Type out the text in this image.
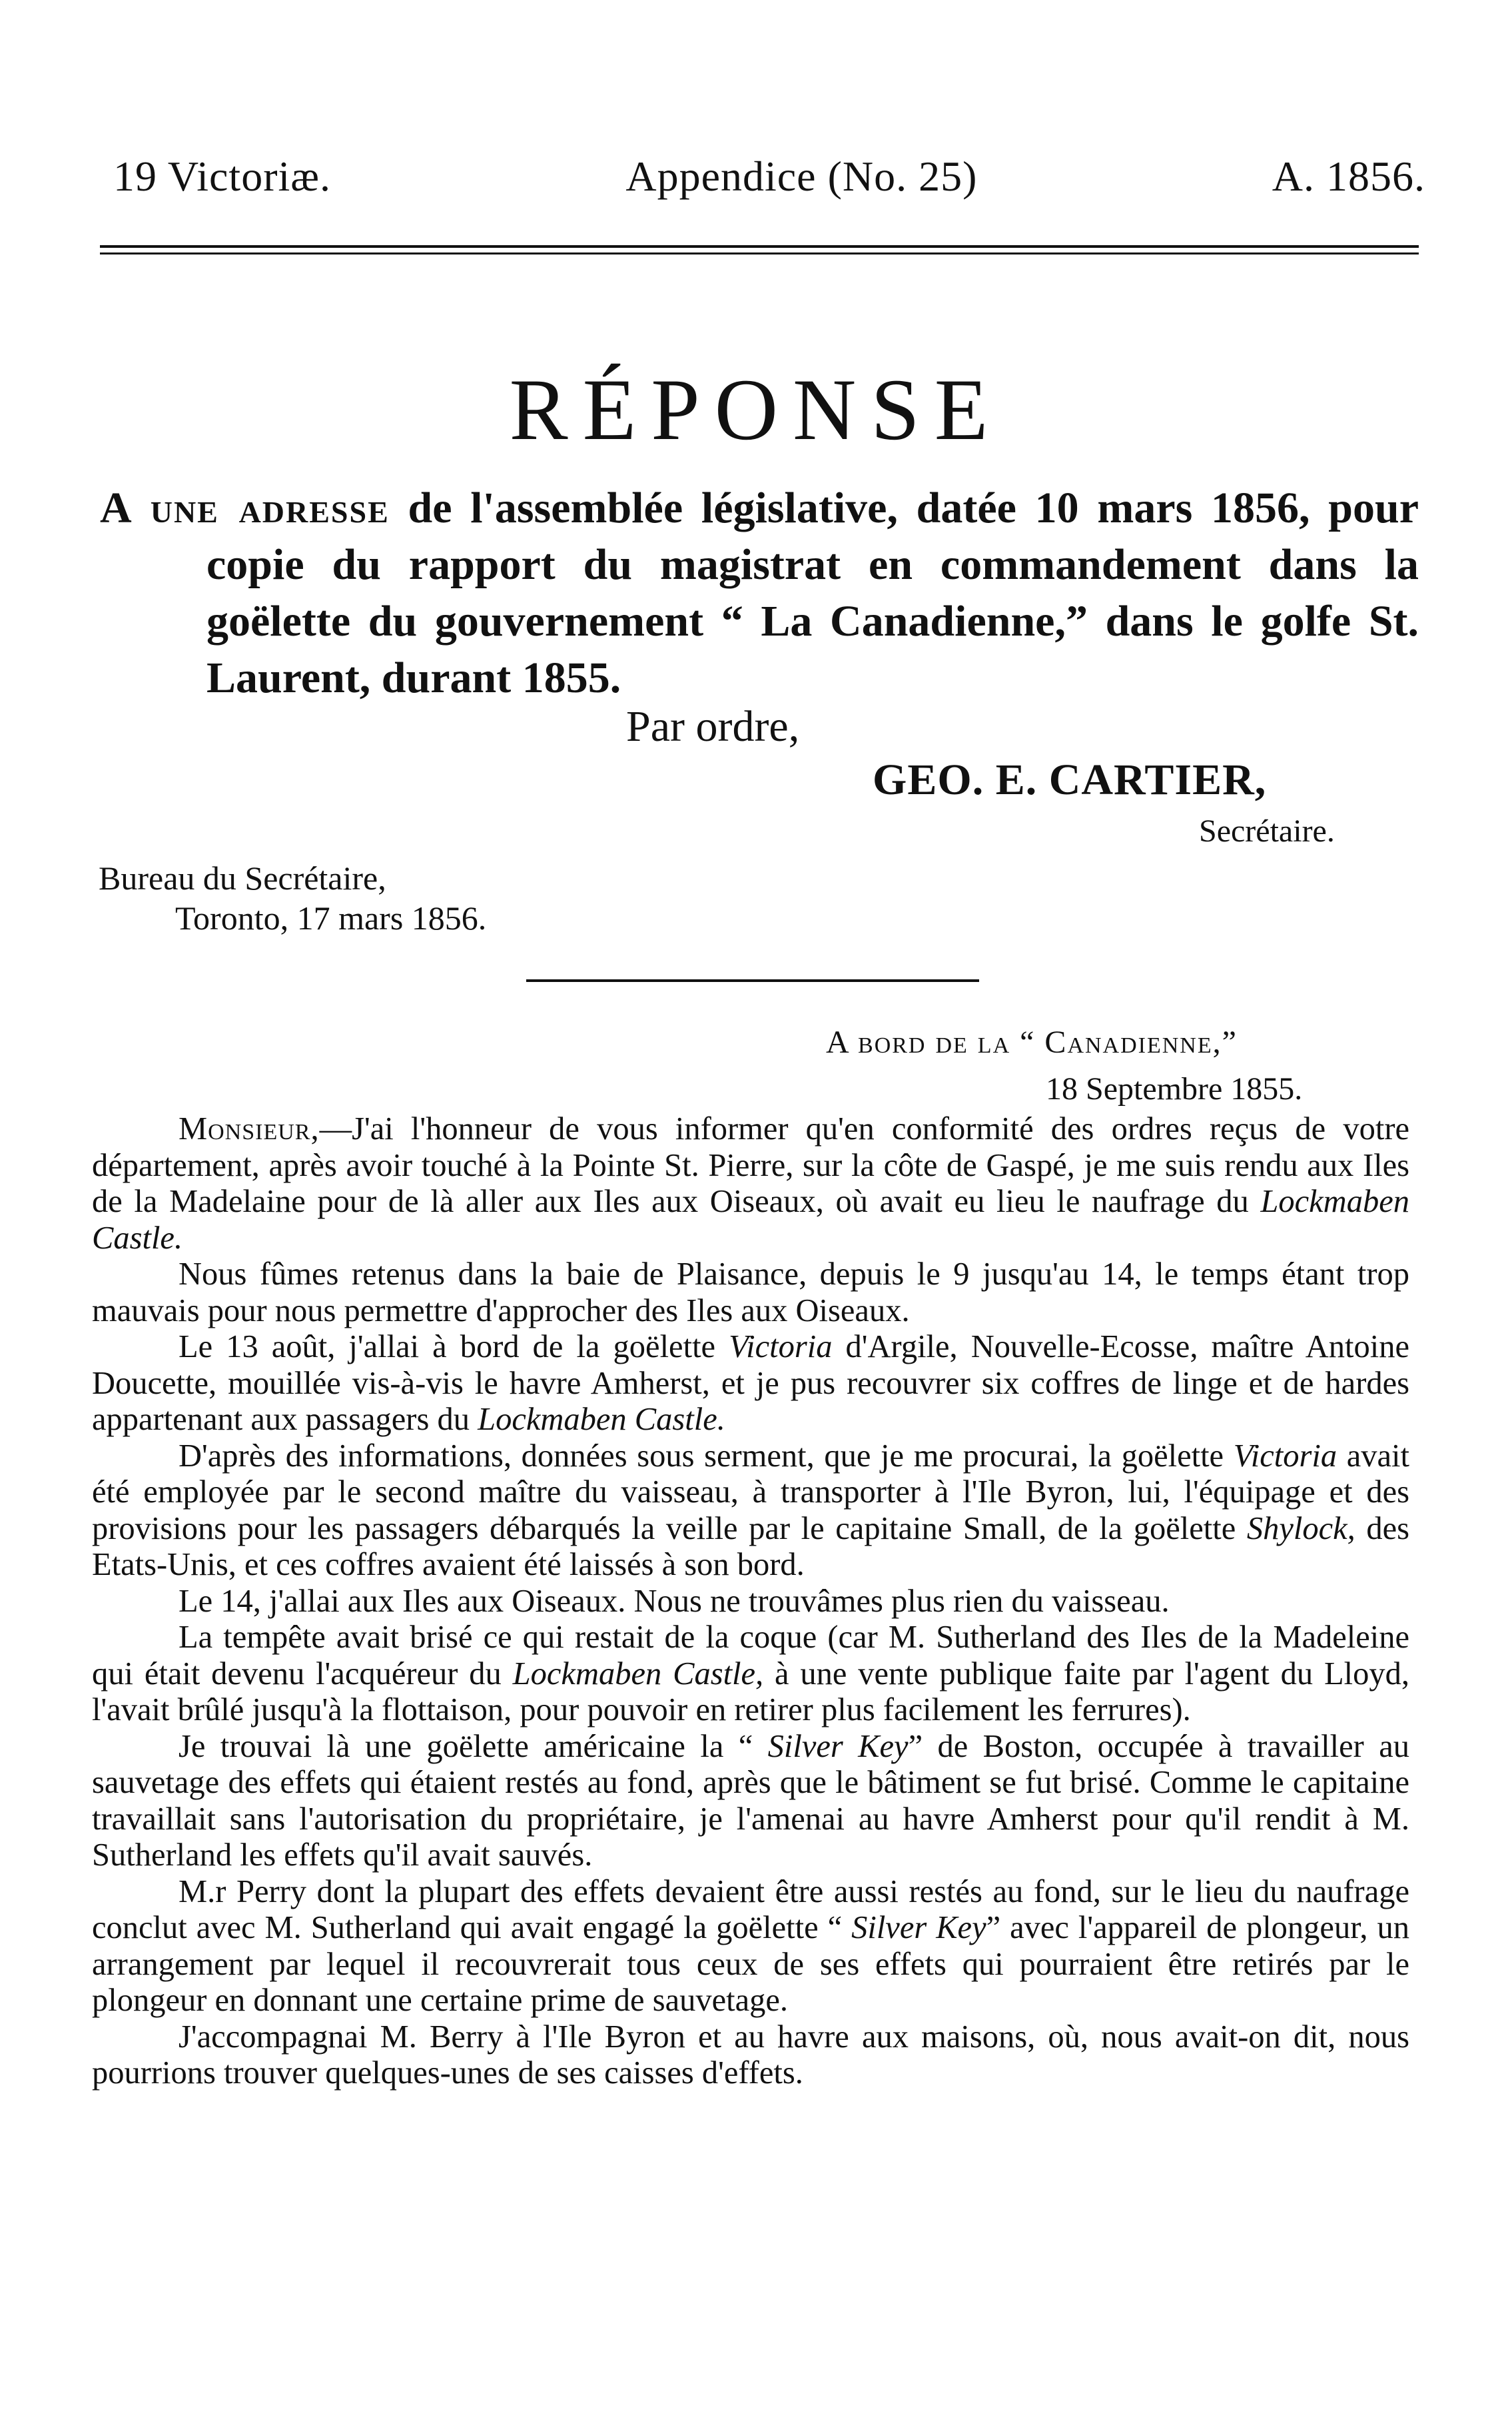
19 Victoriæ.	Appendice (No. 25)	A. 1856.
RÉPONSE
A une adresse de l'assemblée législative, datée 10 mars 1856, pour copie du rapport du magistrat en commandement dans la goëlette du gouvernement “ La Canadienne,” dans le golfe St. Laurent, durant 1855.
Par ordre,
GEO. E. CARTIER,
Secrétaire.
Bureau du Secrétaire,
Toronto, 17 mars 1856.
A bord de la “ Canadienne,”
18 Septembre 1855.

Monsieur,—J'ai l'honneur de vous informer qu'en conformité des ordres reçus de votre département, après avoir touché à la Pointe St. Pierre, sur la côte de Gaspé, je me suis rendu aux Iles de la Madelaine pour de là aller aux Iles aux Oiseaux, où avait eu lieu le naufrage du Lockmaben Castle.

Nous fûmes retenus dans la baie de Plaisance, depuis le 9 jusqu'au 14, le temps étant trop mauvais pour nous permettre d'approcher des Iles aux Oiseaux.

Le 13 août, j'allai à bord de la goëlette Victoria d'Argile, Nouvelle-Ecosse, maître Antoine Doucette, mouillée vis-à-vis le havre Amherst, et je pus recouvrer six coffres de linge et de hardes appartenant aux passagers du Lockmaben Castle.

D'après des informations, données sous serment, que je me procurai, la goëlette Victoria avait été employée par le second maître du vaisseau, à transporter à l'Ile Byron, lui, l'équipage et des provisions pour les passagers débarqués la veille par le capitaine Small, de la goëlette Shylock, des Etats-Unis, et ces coffres avaient été laissés à son bord.

Le 14, j'allai aux Iles aux Oiseaux. Nous ne trouvâmes plus rien du vaisseau.

La tempête avait brisé ce qui restait de la coque (car M. Sutherland des Iles de la Madeleine qui était devenu l'acquéreur du Lockmaben Castle, à une vente publique faite par l'agent du Lloyd, l'avait brûlé jusqu'à la flottaison, pour pouvoir en retirer plus facilement les ferrures).

Je trouvai là une goëlette américaine la “ Silver Key” de Boston, occupée à travailler au sauvetage des effets qui étaient restés au fond, après que le bâtiment se fut brisé. Comme le capitaine travaillait sans l'autorisation du propriétaire, je l'amenai au havre Amherst pour qu'il rendit à M. Sutherland les effets qu'il avait sauvés.

M.r Perry dont la plupart des effets devaient être aussi restés au fond, sur le lieu du naufrage conclut avec M. Sutherland qui avait engagé la goëlette “ Silver Key” avec l'appareil de plongeur, un arrangement par lequel il recouvrerait tous ceux de ses effets qui pourraient être retirés par le plongeur en donnant une certaine prime de sauvetage.

J'accompagnai M. Berry à l'Ile Byron et au havre aux maisons, où, nous avait-on dit, nous pourrions trouver quelques-unes de ses caisses d'effets.
